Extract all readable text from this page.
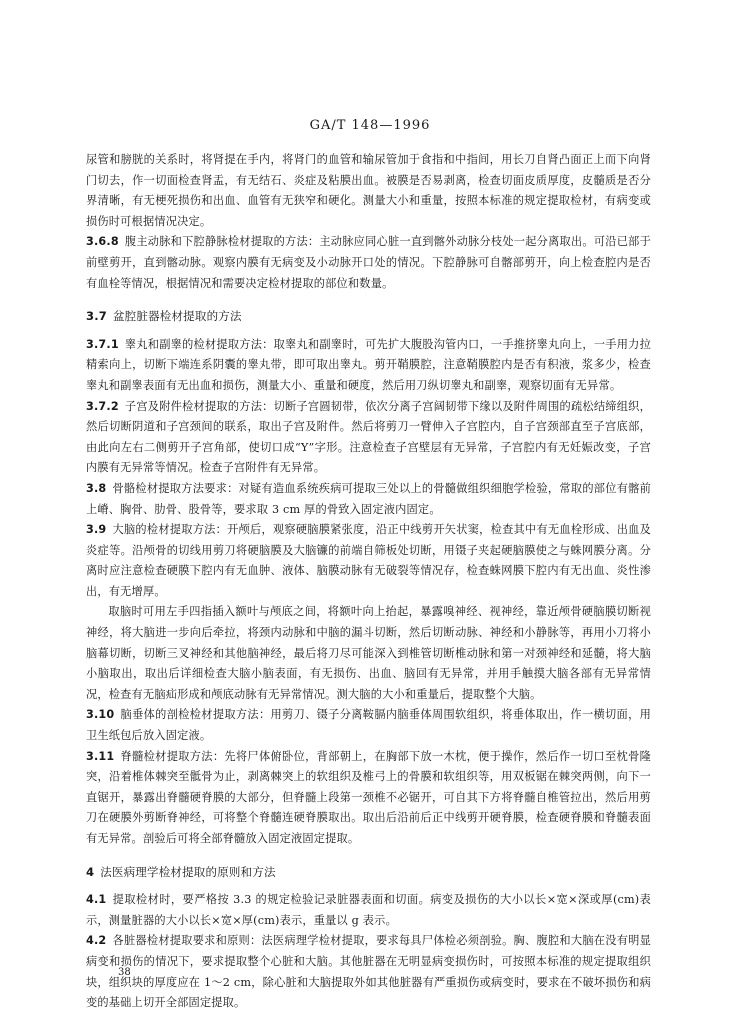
GA/T 148—1996

尿管和膀胱的关系时，将肾提在手内，将肾门的血管和输尿管加于食指和中指间，用长刀自肾凸面正上而下向肾门切去，作一切面检查肾盂，有无结石、炎症及粘膜出血。被膜是否易剥离，检查切面皮质厚度，皮髓质是否分界清晰，有无梗死损伤和出血、血管有无狭窄和硬化。测量大小和重量，按照本标准的规定提取检材，有病变或损伤时可根据情况决定。

3.6.8 腹主动脉和下腔静脉检材提取的方法：主动脉应同心脏一直到髂外动脉分枝处一起分离取出。可沿已部于前壁剪开，直到髂动脉。观察内膜有无病变及小动脉开口处的情况。下腔静脉可自髂部剪开，向上检查腔内是否有血栓等情况，根据情况和需要决定检材提取的部位和数量。

3.7 盆腔脏器检材提取的方法

3.7.1 睾丸和副睾的检材提取方法：取睾丸和副睾时，可先扩大腹股沟管内口，一手推挤睾丸向上，一手用力拉精索向上，切断下端连系阴囊的睾丸带，即可取出睾丸。剪开鞘膜腔，注意鞘膜腔内是否有积液，浆多少，检查睾丸和副睾表面有无出血和损伤，测量大小、重量和硬度，然后用刀纵切睾丸和副睾，观察切面有无异常。

3.7.2 子宫及附件检材提取的方法：切断子宫圆韧带，依次分离子宫阔韧带下缘以及附件周围的疏松结缔组织，然后切断阴道和子宫颈间的联系，取出子宫及附件。然后将剪刀一臂伸入子宫腔内，自子宫颈部直至子宫底部，由此向左右二侧剪开子宫角部，使切口成“Y”字形。注意检查子宫壁层有无异常，子宫腔内有无妊娠改变，子宫内膜有无异常等情况。检查子宫附件有无异常。

3.8 骨骼检材提取方法要求：对疑有造血系统疾病可提取三处以上的骨髓做组织细胞学检验，常取的部位有髂前上嵴、胸骨、肋骨、股骨等，要求取 3 cm 厚的骨致入固定液内固定。

3.9 大脑的检材提取方法：开颅后，观察硬脑膜紧张度，沿正中线剪开矢状窦，检查其中有无血栓形成、出血及炎症等。沿颅骨的切线用剪刀将硬脑膜及大脑镰的前端自筛板处切断，用镊子夹起硬脑膜使之与蛛网膜分离。分离时应注意检查硬膜下腔内有无血肿、液体、脑膜动脉有无破裂等情况存，检查蛛网膜下腔内有无出血、炎性渗出，有无增厚。

取脑时可用左手四指插入额叶与颅底之间，将额叶向上抬起，暴露嗅神经、视神经，靠近颅骨硬脑膜切断视神经，将大脑进一步向后牵拉，将颈内动脉和中脑的漏斗切断，然后切断动脉、神经和小静脉等，再用小刀将小脑幕切断，切断三叉神经和其他脑神经，最后将刀尽可能深入到椎管切断椎动脉和第一对颈神经和延髓，将大脑小脑取出，取出后详细检查大脑小脑表面，有无损伤、出血、脑回有无异常，并用手触摸大脑各部有无异常情况，检查有无脑疝形成和颅底动脉有无异常情况。测大脑的大小和重量后，提取整个大脑。

3.10 脑垂体的剖检检材提取方法：用剪刀、镊子分离鞍膈内脑垂体周围软组织，将垂体取出，作一横切面，用卫生纸包后放入固定液。

3.11 脊髓检材提取方法：先将尸体俯卧位，背部朝上，在胸部下放一木枕，便于操作，然后作一切口至枕骨隆突，沿着椎体棘突至骶骨为止，剥离棘突上的软组织及椎弓上的骨膜和软组织等，用双板锯在棘突两侧，向下一直锯开，暴露出脊髓硬脊膜的大部分，但脊髓上段第一颈椎不必锯开，可自其下方将脊髓自椎管拉出，然后用剪刀在硬膜外剪断脊神经，可将整个脊髓连硬脊膜取出。取出后沿前后正中线剪开硬脊膜，检查硬脊膜和脊髓表面有无异常。剖验后可将全部脊髓放入固定液固定提取。

4 法医病理学检材提取的原则和方法

4.1 提取检材时，要严格按 3.3 的规定检验记录脏器表面和切面。病变及损伤的大小以长×宽×深或厚(cm)表示，测量脏器的大小以长×宽×厚(cm)表示，重量以 g 表示。

4.2 各脏器检材提取要求和原则：法医病理学检材提取，要求每具尸体检必须剖验。胸、腹腔和大脑在没有明显病变和损伤的情况下，要求提取整个心脏和大脑。其他脏器在无明显病变损伤时，可按照本标准的规定提取组织块，组织块的厚度应在 1～2 cm，除心脏和大脑提取外如其他脏器有严重损伤或病变时，要求在不破坏损伤和病变的基础上切开全部固定提取。

38
